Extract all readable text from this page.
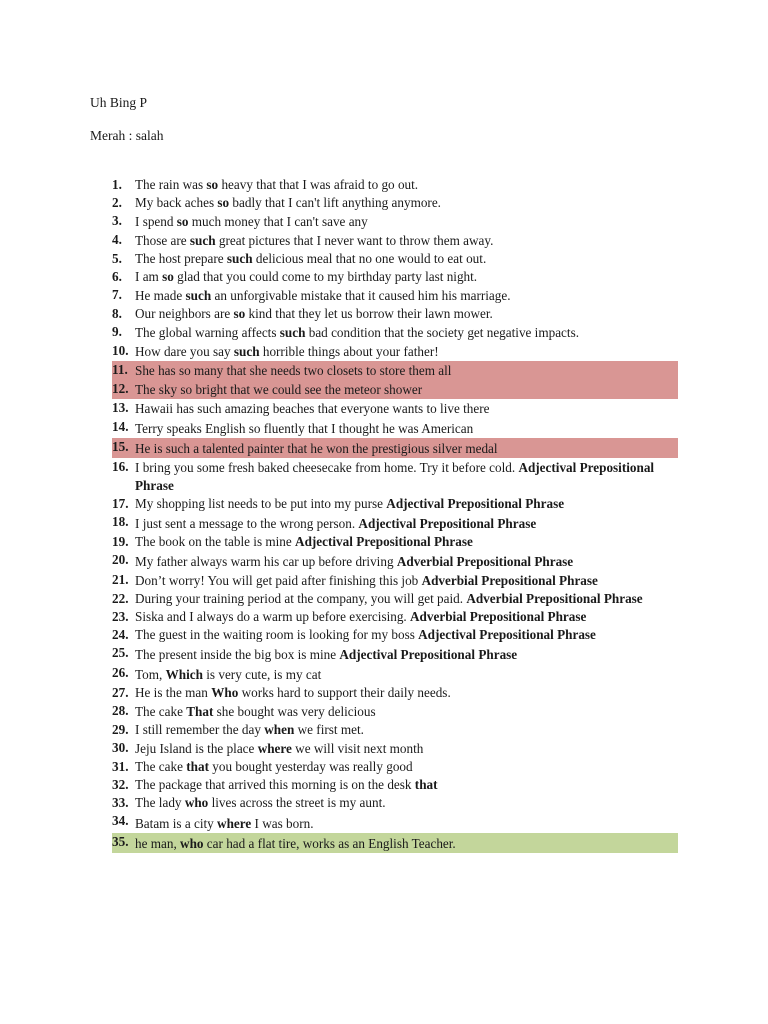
Uh Bing P
Merah : salah
1. The rain was so heavy that that I was afraid to go out.
2. My back aches so badly that I can't lift anything anymore.
3. I spend so much money that I can't save any
4. Those are such great pictures that I never want to throw them away.
5. The host prepare such delicious meal that no one would to eat out.
6. I am so glad that you could come to my birthday party last night.
7. He made such an unforgivable mistake that it caused him his marriage.
8. Our neighbors are so kind that they let us borrow their lawn mower.
9. The global warning affects such bad condition that the society get negative impacts.
10. How dare you say such horrible things about your father!
11. She has so many that she needs two closets to store them all
12. The sky so bright that we could see the meteor shower
13. Hawaii has such amazing beaches that everyone wants to live there
14. Terry speaks English so fluently that I thought he was American
15. He is such a talented painter that he won the prestigious silver medal
16. I bring you some fresh baked cheesecake from home. Try it before cold. Adjectival Prepositional Phrase
17. My shopping list needs to be put into my purse Adjectival Prepositional Phrase
18. I just sent a message to the wrong person. Adjectival Prepositional Phrase
19. The book on the table is mine Adjectival Prepositional Phrase
20. My father always warm his car up before driving Adverbial Prepositional Phrase
21. Don’t worry! You will get paid after finishing this job Adverbial Prepositional Phrase
22. During your training period at the company, you will get paid. Adverbial Prepositional Phrase
23. Siska and I always do a warm up before exercising. Adverbial Prepositional Phrase
24. The guest in the waiting room is looking for my boss Adjectival Prepositional Phrase
25. The present inside the big box is mine Adjectival Prepositional Phrase
26. Tom, Which is very cute, is my cat
27. He is the man Who works hard to support their daily needs.
28. The cake That she bought was very delicious
29. I still remember the day when we first met.
30. Jeju Island is the place where we will visit next month
31. The cake that you bought yesterday was really good
32. The package that arrived this morning is on the desk that
33. The lady who lives across the street is my aunt.
34. Batam is a city where I was born.
35. he man, who car had a flat tire, works as an English Teacher.
